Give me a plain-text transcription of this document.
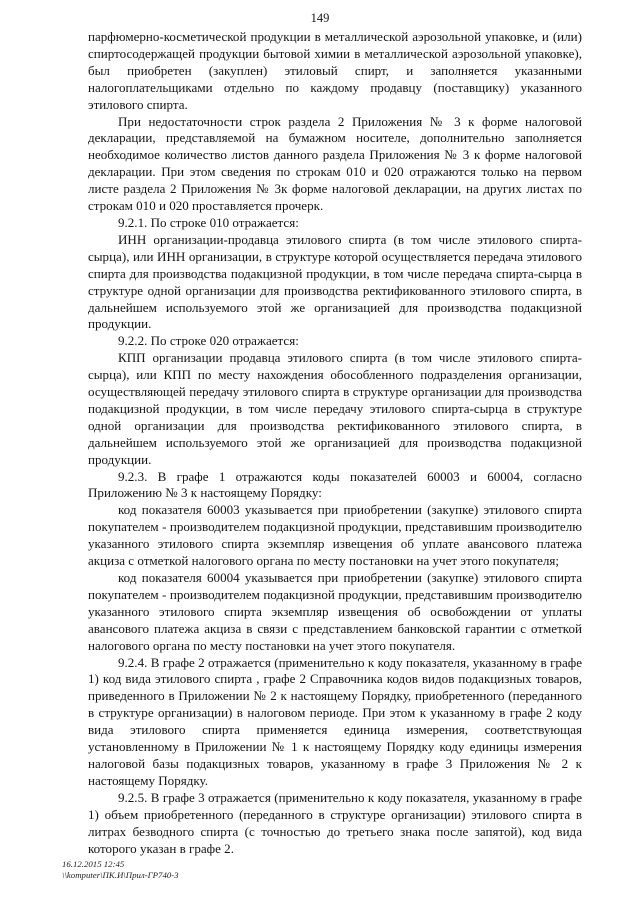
149

парфюмерно-косметической продукции в металлической аэрозольной упаковке, и (или) спиртосодержащей продукции бытовой химии в металлической аэрозольной упаковке), был приобретен (закуплен) этиловый спирт, и заполняется указанными налогоплательщиками отдельно по каждому продавцу (поставщику) указанного этилового спирта.

При недостаточности строк раздела 2 Приложения № 3 к форме налоговой декларации, представляемой на бумажном носителе, дополнительно заполняется необходимое количество листов данного раздела Приложения № 3 к форме налоговой декларации. При этом сведения по строкам 010 и 020 отражаются только на первом листе раздела 2 Приложения № 3к форме налоговой декларации, на других листах по строкам 010 и 020 проставляется прочерк.

9.2.1. По строке 010 отражается:

ИНН организации-продавца этилового спирта (в том числе этилового спирта-сырца), или ИНН организации, в структуре которой осуществляется передача этилового спирта для производства подакцизной продукции, в том числе передача спирта-сырца в структуре одной организации для производства ректификованного этилового спирта, в дальнейшем используемого этой же организацией для производства подакцизной продукции.

9.2.2. По строке 020 отражается:

КПП организации продавца этилового спирта (в том числе этилового спирта-сырца), или КПП по месту нахождения обособленного подразделения организации, осуществляющей передачу этилового спирта в структуре организации для производства подакцизной продукции, в том числе передачу этилового спирта-сырца в структуре одной организации для производства ректификованного этилового спирта, в дальнейшем используемого этой же организацией для производства подакцизной продукции.

9.2.3. В графе 1 отражаются коды показателей 60003 и 60004, согласно Приложению № 3 к настоящему Порядку:

код показателя 60003 указывается при приобретении (закупке) этилового спирта покупателем - производителем подакцизной продукции, представившим производителю указанного этилового спирта экземпляр извещения об уплате авансового платежа акциза с отметкой налогового органа по месту постановки на учет этого покупателя;

код показателя 60004 указывается при приобретении (закупке) этилового спирта покупателем - производителем подакцизной продукции, представившим производителю указанного этилового спирта экземпляр извещения об освобождении от уплаты авансового платежа акциза в связи с представлением банковской гарантии с отметкой налогового органа по месту постановки на учет этого покупателя.

9.2.4. В графе 2 отражается (применительно к коду показателя, указанному в графе 1) код вида этилового спирта , графе 2 Справочника кодов видов подакцизных товаров, приведенного в Приложении № 2 к настоящему Порядку, приобретенного (переданного в структуре организации) в налоговом периоде. При этом к указанному в графе 2 коду вида этилового спирта применяется единица измерения, соответствующая установленному в Приложении № 1 к настоящему Порядку коду единицы измерения налоговой базы подакцизных товаров, указанному в графе 3 Приложения № 2 к настоящему Порядку.

9.2.5. В графе 3 отражается (применительно к коду показателя, указанному в графе 1) объем приобретенного (переданного в структуре организации) этилового спирта в литрах безводного спирта (с точностью до третьего знака после запятой), код вида которого указан в графе 2.

16.12.2015 12:45
\\komputer\ПК.И\Прил-ГР740-3
